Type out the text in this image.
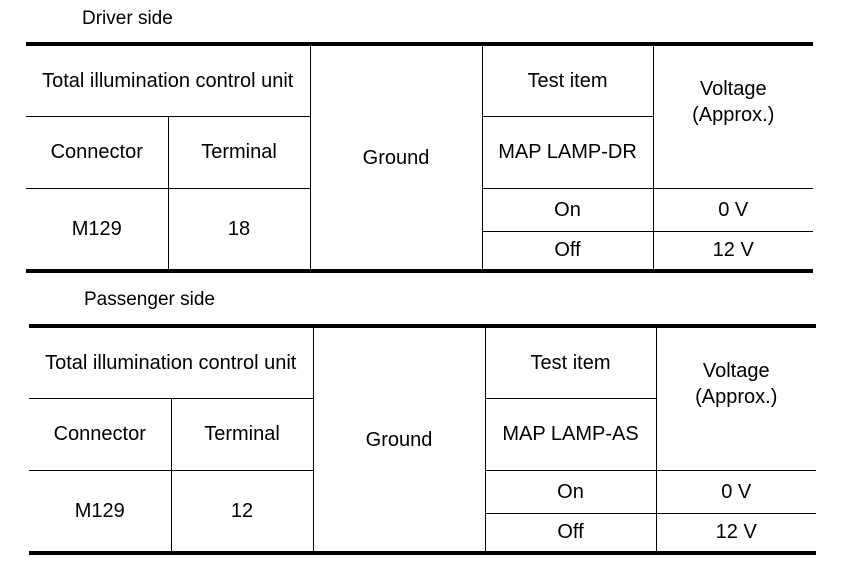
Driver side
Total illumination control unit		Ground	Test item	Voltage (Approx.)
Connector	Terminal		MAP LAMP-DR	
M129	18		On	0 V
			Off	12 V
Passenger side
Total illumination control unit		Ground	Test item	Voltage (Approx.)
Connector	Terminal		MAP LAMP-AS	
M129	12		On	0 V
			Off	12 V
